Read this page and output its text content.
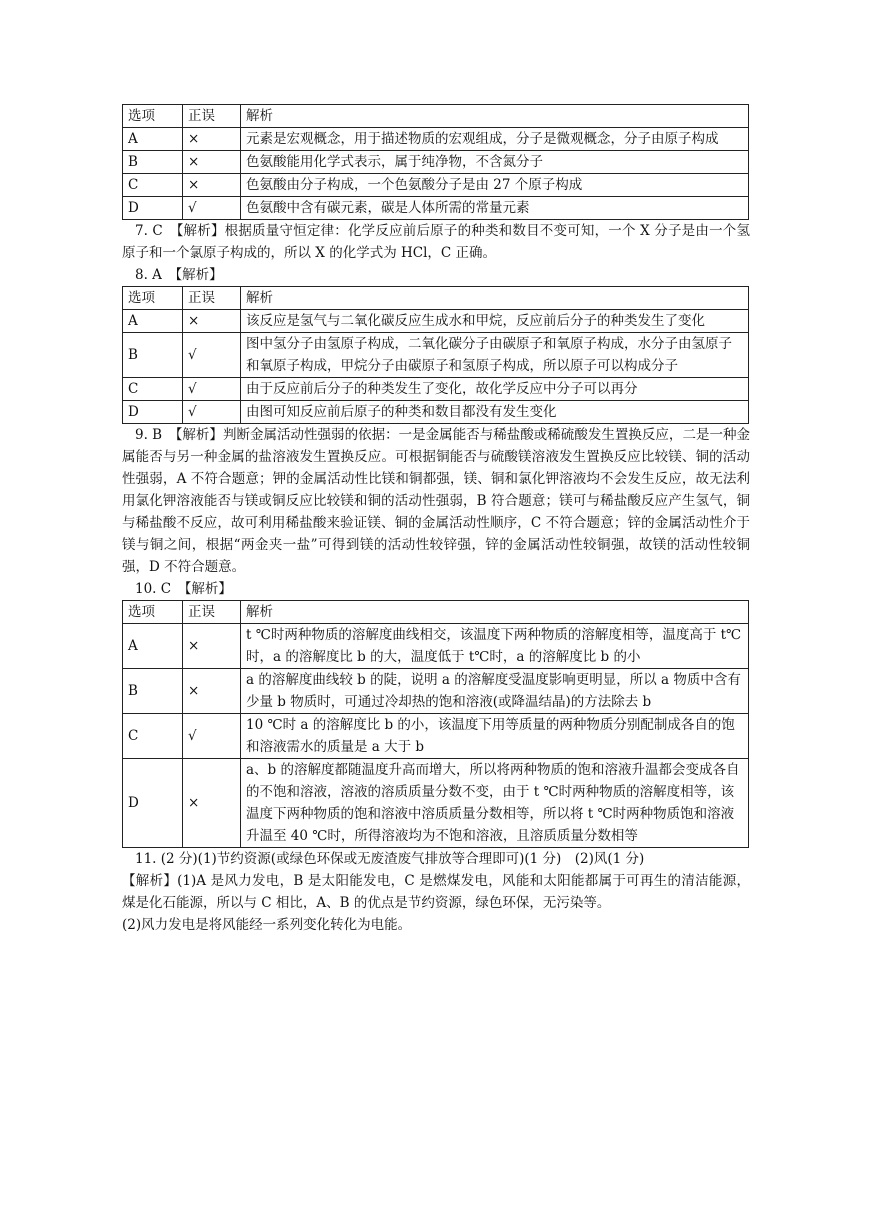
选项	正误	解析
A	×	元素是宏观概念，用于描述物质的宏观组成，分子是微观概念，分子由原子构成
B	×	色氨酸能用化学式表示，属于纯净物，不含氮分子
C	×	色氨酸由分子构成，一个色氨酸分子是由 27 个原子构成
D	√	色氨酸中含有碳元素，碳是人体所需的常量元素

7. C　【解析】根据质量守恒定律：化学反应前后原子的种类和数目不变可知，一个 X 分子是由一个氢原子和一个氯原子构成的，所以 X 的化学式为 HCl，C 正确。

8. A　【解析】

选项	正误	解析
A	×	该反应是氢气与二氧化碳反应生成水和甲烷，反应前后分子的种类发生了变化
B	√	图中氢分子由氢原子构成，二氧化碳分子由碳原子和氧原子构成，水分子由氢原子和氧原子构成，甲烷分子由碳原子和氢原子构成，所以原子可以构成分子
C	√	由于反应前后分子的种类发生了变化，故化学反应中分子可以再分
D	√	由图可知反应前后原子的种类和数目都没有发生变化

9. B　【解析】判断金属活动性强弱的依据：一是金属能否与稀盐酸或稀硫酸发生置换反应，二是一种金属能否与另一种金属的盐溶液发生置换反应。可根据铜能否与硫酸镁溶液发生置换反应比较镁、铜的活动性强弱，A 不符合题意；钾的金属活动性比镁和铜都强，镁、铜和氯化钾溶液均不会发生反应，故无法利用氯化钾溶液能否与镁或铜反应比较镁和铜的活动性强弱，B 符合题意；镁可与稀盐酸反应产生氢气，铜与稀盐酸不反应，故可利用稀盐酸来验证镁、铜的金属活动性顺序，C 不符合题意；锌的金属活动性介于镁与铜之间，根据“两金夹一盐”可得到镁的活动性较锌强，锌的金属活动性较铜强，故镁的活动性较铜强，D 不符合题意。

10. C　【解析】

选项	正误	解析
A	×	t ℃时两种物质的溶解度曲线相交，该温度下两种物质的溶解度相等，温度高于 t℃时，a 的溶解度比 b 的大，温度低于 t℃时，a 的溶解度比 b 的小
B	×	a 的溶解度曲线较 b 的陡，说明 a 的溶解度受温度影响更明显，所以 a 物质中含有少量 b 物质时，可通过冷却热的饱和溶液(或降温结晶)的方法除去 b
C	√	10 ℃时 a 的溶解度比 b 的小，该温度下用等质量的两种物质分别配制成各自的饱和溶液需水的质量是 a 大于 b
D	×	a、b 的溶解度都随温度升高而增大，所以将两种物质的饱和溶液升温都会变成各自的不饱和溶液，溶液的溶质质量分数不变，由于 t ℃时两种物质的溶解度相等，该温度下两种物质的饱和溶液中溶质质量分数相等，所以将 t ℃时两种物质饱和溶液升温至 40 ℃时，所得溶液均为不饱和溶液，且溶质质量分数相等

11. (2 分)(1)节约资源(或绿色环保或无废渣废气排放等合理即可)(1 分)　(2)风(1 分)

【解析】(1)A 是风力发电，B 是太阳能发电，C 是燃煤发电，风能和太阳能都属于可再生的清洁能源，煤是化石能源，所以与 C 相比，A、B 的优点是节约资源，绿色环保，无污染等。

(2)风力发电是将风能经一系列变化转化为电能。
